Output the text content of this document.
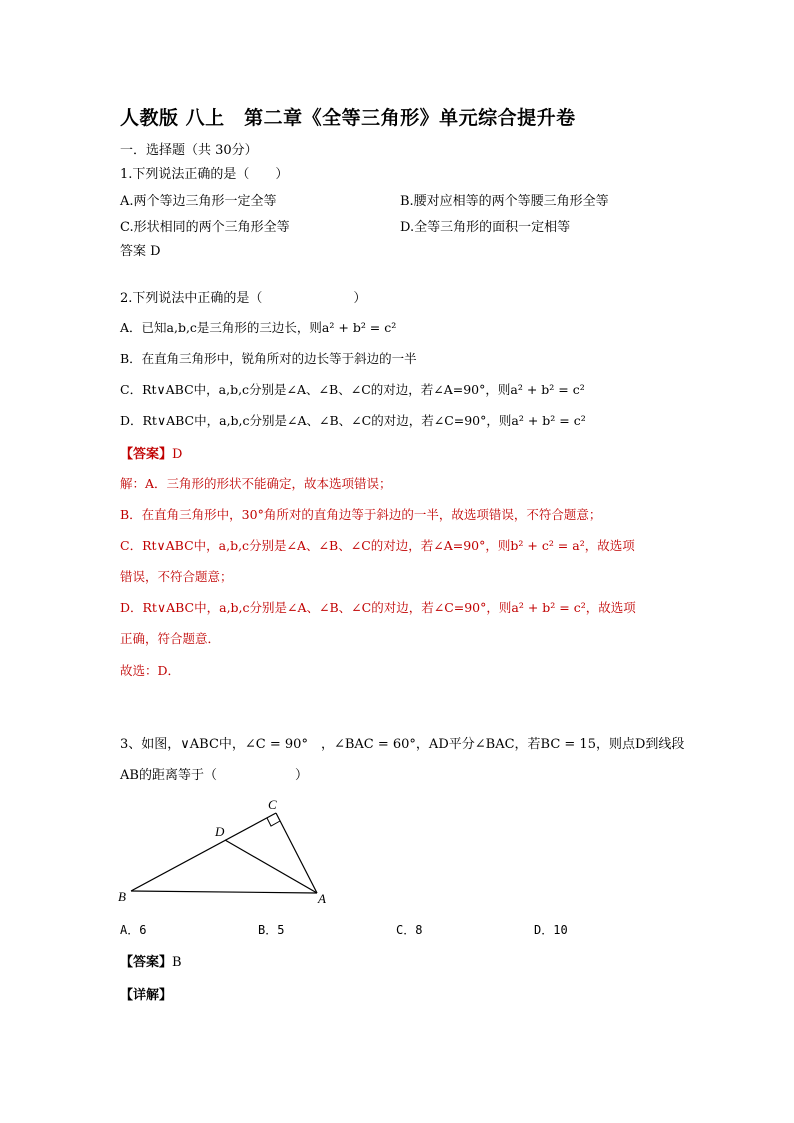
人教版 八上　第二章《全等三角形》单元综合提升卷
一．选择题（共 30分）
1.下列说法正确的是（　　）
A.两个等边三角形一定全等	B.腰对应相等的两个等腰三角形全等
C.形状相同的两个三角形全等	D.全等三角形的面积一定相等
答案 D
2.下列说法中正确的是（　　　　　　　）
A．已知a,b,c是三角形的三边长，则a² + b² = c²
B．在直角三角形中，锐角所对的边长等于斜边的一半
C．Rt∨ABC中，a,b,c分别是∠A、∠B、∠C的对边，若∠A=90°，则a² + b² = c²
D．Rt∨ABC中，a,b,c分别是∠A、∠B、∠C的对边，若∠C=90°，则a² + b² = c²
【答案】D
解：A．三角形的形状不能确定，故本选项错误；
B．在直角三角形中，30°角所对的直角边等于斜边的一半，故选项错误，不符合题意；
C．Rt∨ABC中，a,b,c分别是∠A、∠B、∠C的对边，若∠A=90°，则b² + c² = a²，故选项
错误，不符合题意；
D．Rt∨ABC中，a,b,c分别是∠A、∠B、∠C的对边，若∠C=90°，则a² + b² = c²，故选项
正确，符合题意．
故选：D．
3、如图，∨ABC中，∠C = 90°　，∠BAC = 60°，AD平分∠BAC，若BC = 15，则点D到线段
AB的距离等于（　　　　　　）
B	A
C
D
A．6	B．5	C．8	D．10
【答案】B
【详解】
